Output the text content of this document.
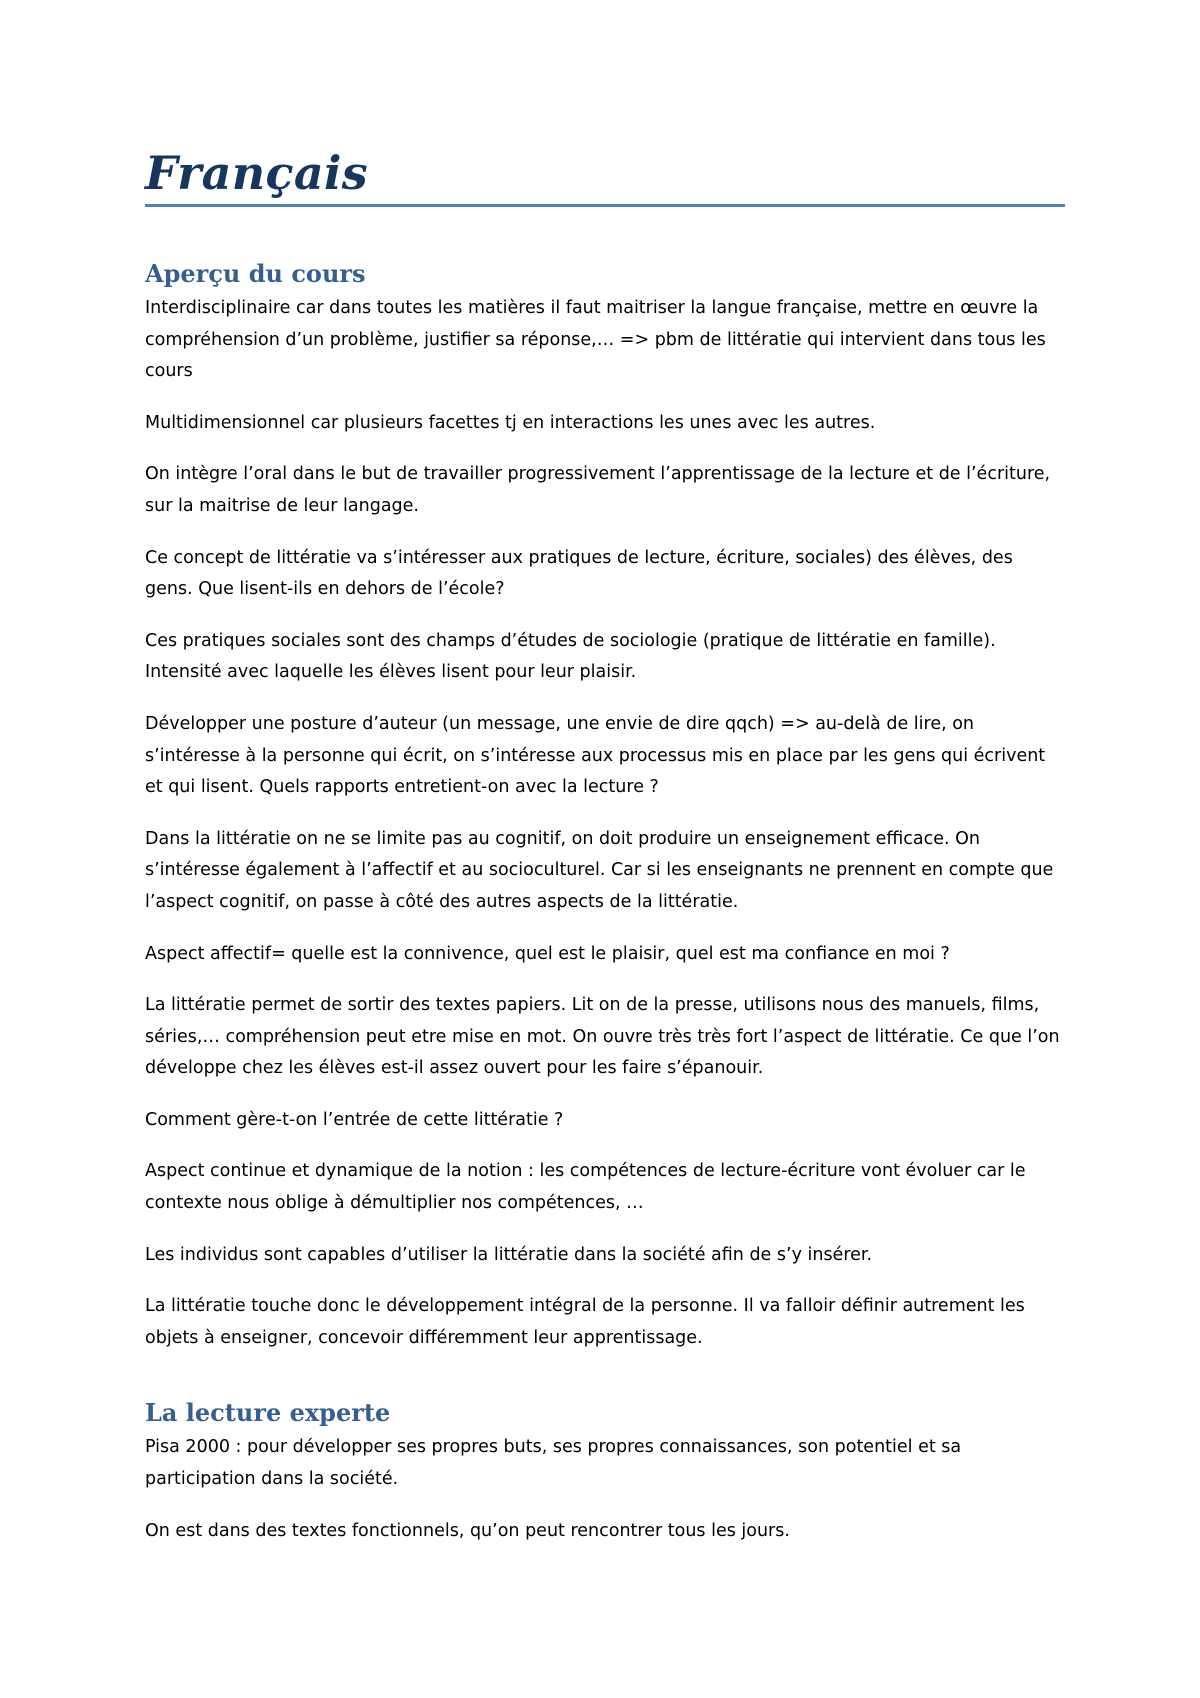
Français
Aperçu du cours

Interdisciplinaire car dans toutes les matières il faut maitriser la langue française, mettre en œuvre la compréhension d’un problème, justifier sa réponse,… => pbm de littératie qui intervient dans tous les cours

Multidimensionnel car plusieurs facettes tj en interactions les unes avec les autres.

On intègre l’oral dans le but de travailler progressivement l’apprentissage de la lecture et de l’écriture, sur la maitrise de leur langage.

Ce concept de littératie va s’intéresser aux pratiques de lecture, écriture, sociales) des élèves, des gens. Que lisent-ils en dehors de l’école?

Ces pratiques sociales sont des champs d’études de sociologie (pratique de littératie en famille). Intensité avec laquelle les élèves lisent pour leur plaisir.

Développer une posture d’auteur (un message, une envie de dire qqch) => au-delà de lire, on s’intéresse à la personne qui écrit, on s’intéresse aux processus mis en place par les gens qui écrivent et qui lisent. Quels rapports entretient-on avec la lecture ?

Dans la littératie on ne se limite pas au cognitif, on doit produire un enseignement efficace. On s’intéresse également à l’affectif et au socioculturel. Car si les enseignants ne prennent en compte que l’aspect cognitif, on passe à côté des autres aspects de la littératie.

Aspect affectif= quelle est la connivence, quel est le plaisir, quel est ma confiance en moi ?

La littératie permet de sortir des textes papiers. Lit on de la presse, utilisons nous des manuels, films, séries,… compréhension peut etre mise en mot. On ouvre très très fort l’aspect de littératie. Ce que l’on développe chez les élèves est-il assez ouvert pour les faire s’épanouir.

Comment gère-t-on l’entrée de cette littératie ?

Aspect continue et dynamique de la notion : les compétences de lecture-écriture vont évoluer car le contexte nous oblige à démultiplier nos compétences, …

Les individus sont capables d’utiliser la littératie dans la société afin de s’y insérer.

La littératie touche donc le développement intégral de la personne. Il va falloir définir autrement les objets à enseigner, concevoir différemment leur apprentissage.

La lecture experte

Pisa 2000 : pour développer ses propres buts, ses propres connaissances, son potentiel et sa participation dans la société.

On est dans des textes fonctionnels, qu’on peut rencontrer tous les jours.
